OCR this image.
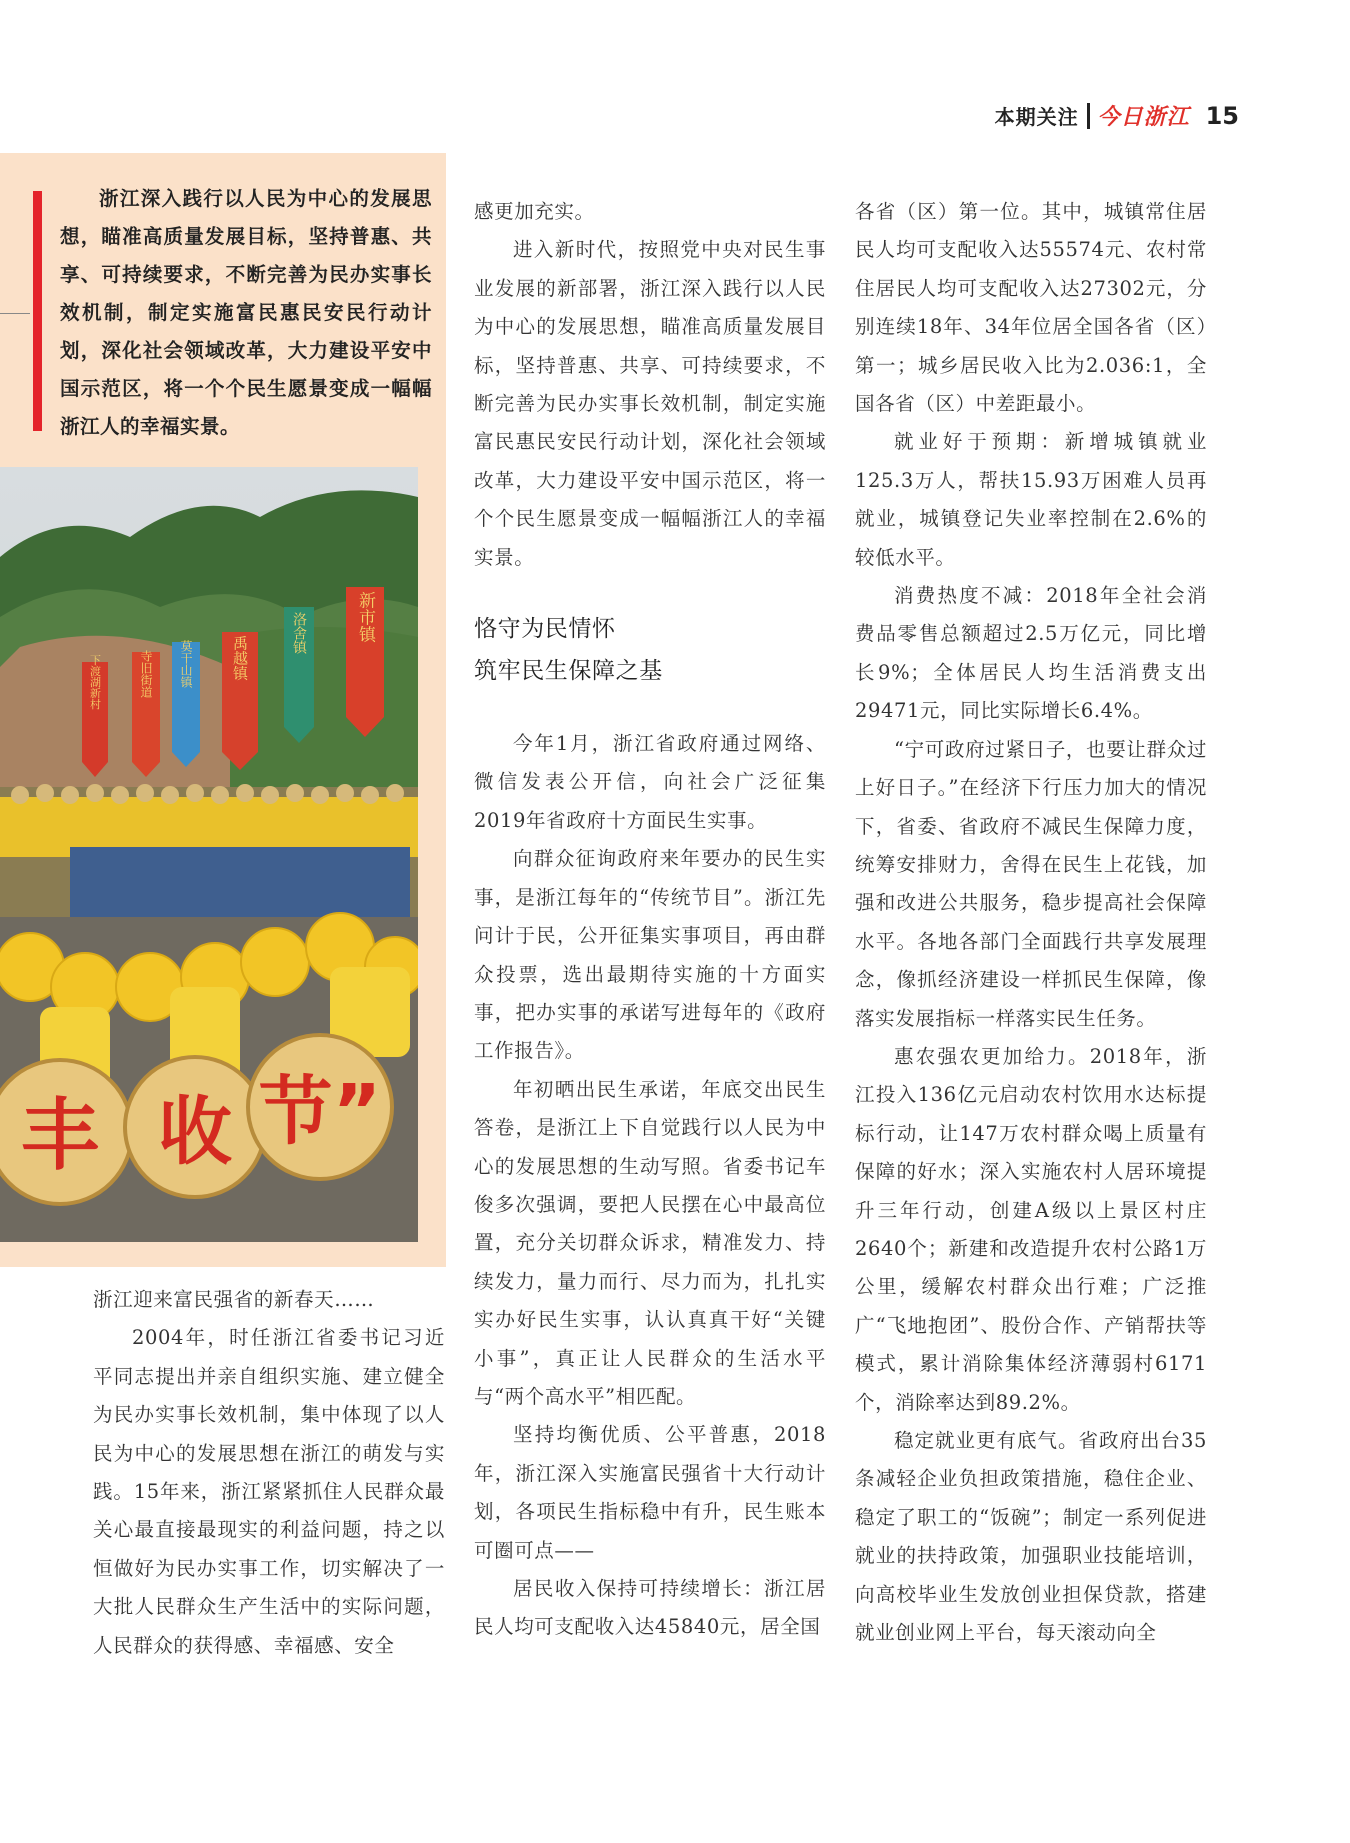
本期关注 今日浙江 15
浙江深入践行以人民为中心的发展思想，瞄准高质量发展目标，坚持普惠、共享、可持续要求，不断完善为民办实事长效机制，制定实施富民惠民安民行动计划，深化社会领域改革，大力建设平安中国示范区，将一个个民生愿景变成一幅幅浙江人的幸福实景。
下渡湖新村	寺旧街道 莫干山镇	禹越镇
洛舍镇	新市镇
丰 收 节”

浙江迎来富民强省的新春天……

2004年，时任浙江省委书记习近平同志提出并亲自组织实施、建立健全为民办实事长效机制，集中体现了以人民为中心的发展思想在浙江的萌发与实践。15年来，浙江紧紧抓住人民群众最关心最直接最现实的利益问题，持之以恒做好为民办实事工作，切实解决了一大批人民群众生产生活中的实际问题，人民群众的获得感、幸福感、安全

感更加充实。

进入新时代，按照党中央对民生事业发展的新部署，浙江深入践行以人民为中心的发展思想，瞄准高质量发展目标，坚持普惠、共享、可持续要求，不断完善为民办实事长效机制，制定实施富民惠民安民行动计划，深化社会领域改革，大力建设平安中国示范区，将一个个民生愿景变成一幅幅浙江人的幸福实景。

恪守为民情怀
筑牢民生保障之基

今年1月，浙江省政府通过网络、微信发表公开信，向社会广泛征集2019年省政府十方面民生实事。

向群众征询政府来年要办的民生实事，是浙江每年的“传统节目”。浙江先问计于民，公开征集实事项目，再由群众投票，选出最期待实施的十方面实事，把办实事的承诺写进每年的《政府工作报告》。

年初晒出民生承诺，年底交出民生答卷，是浙江上下自觉践行以人民为中心的发展思想的生动写照。省委书记车俊多次强调，要把人民摆在心中最高位置，充分关切群众诉求，精准发力、持续发力，量力而行、尽力而为，扎扎实实办好民生实事，认认真真干好“关键小事”，真正让人民群众的生活水平与“两个高水平”相匹配。

坚持均衡优质、公平普惠，2018年，浙江深入实施富民强省十大行动计划，各项民生指标稳中有升，民生账本可圈可点——

居民收入保持可持续增长：浙江居民人均可支配收入达45840元，居全国

各省（区）第一位。其中，城镇常住居民人均可支配收入达55574元、农村常住居民人均可支配收入达27302元，分别连续18年、34年位居全国各省（区）第一；城乡居民收入比为2.036:1，全国各省（区）中差距最小。

就业好于预期：新增城镇就业125.3万人，帮扶15.93万困难人员再就业，城镇登记失业率控制在2.6%的较低水平。

消费热度不减：2018年全社会消费品零售总额超过2.5万亿元，同比增长9%；全体居民人均生活消费支出29471元，同比实际增长6.4%。

“宁可政府过紧日子，也要让群众过上好日子。”在经济下行压力加大的情况下，省委、省政府不减民生保障力度，统筹安排财力，舍得在民生上花钱，加强和改进公共服务，稳步提高社会保障水平。各地各部门全面践行共享发展理念，像抓经济建设一样抓民生保障，像落实发展指标一样落实民生任务。

惠农强农更加给力。2018年，浙江投入136亿元启动农村饮用水达标提标行动，让147万农村群众喝上质量有保障的好水；深入实施农村人居环境提升三年行动，创建A级以上景区村庄2640个；新建和改造提升农村公路1万公里，缓解农村群众出行难；广泛推广“飞地抱团”、股份合作、产销帮扶等模式，累计消除集体经济薄弱村6171个，消除率达到89.2%。

稳定就业更有底气。省政府出台35条减轻企业负担政策措施，稳住企业、稳定了职工的“饭碗”；制定一系列促进就业的扶持政策，加强职业技能培训，向高校毕业生发放创业担保贷款，搭建就业创业网上平台，每天滚动向全
